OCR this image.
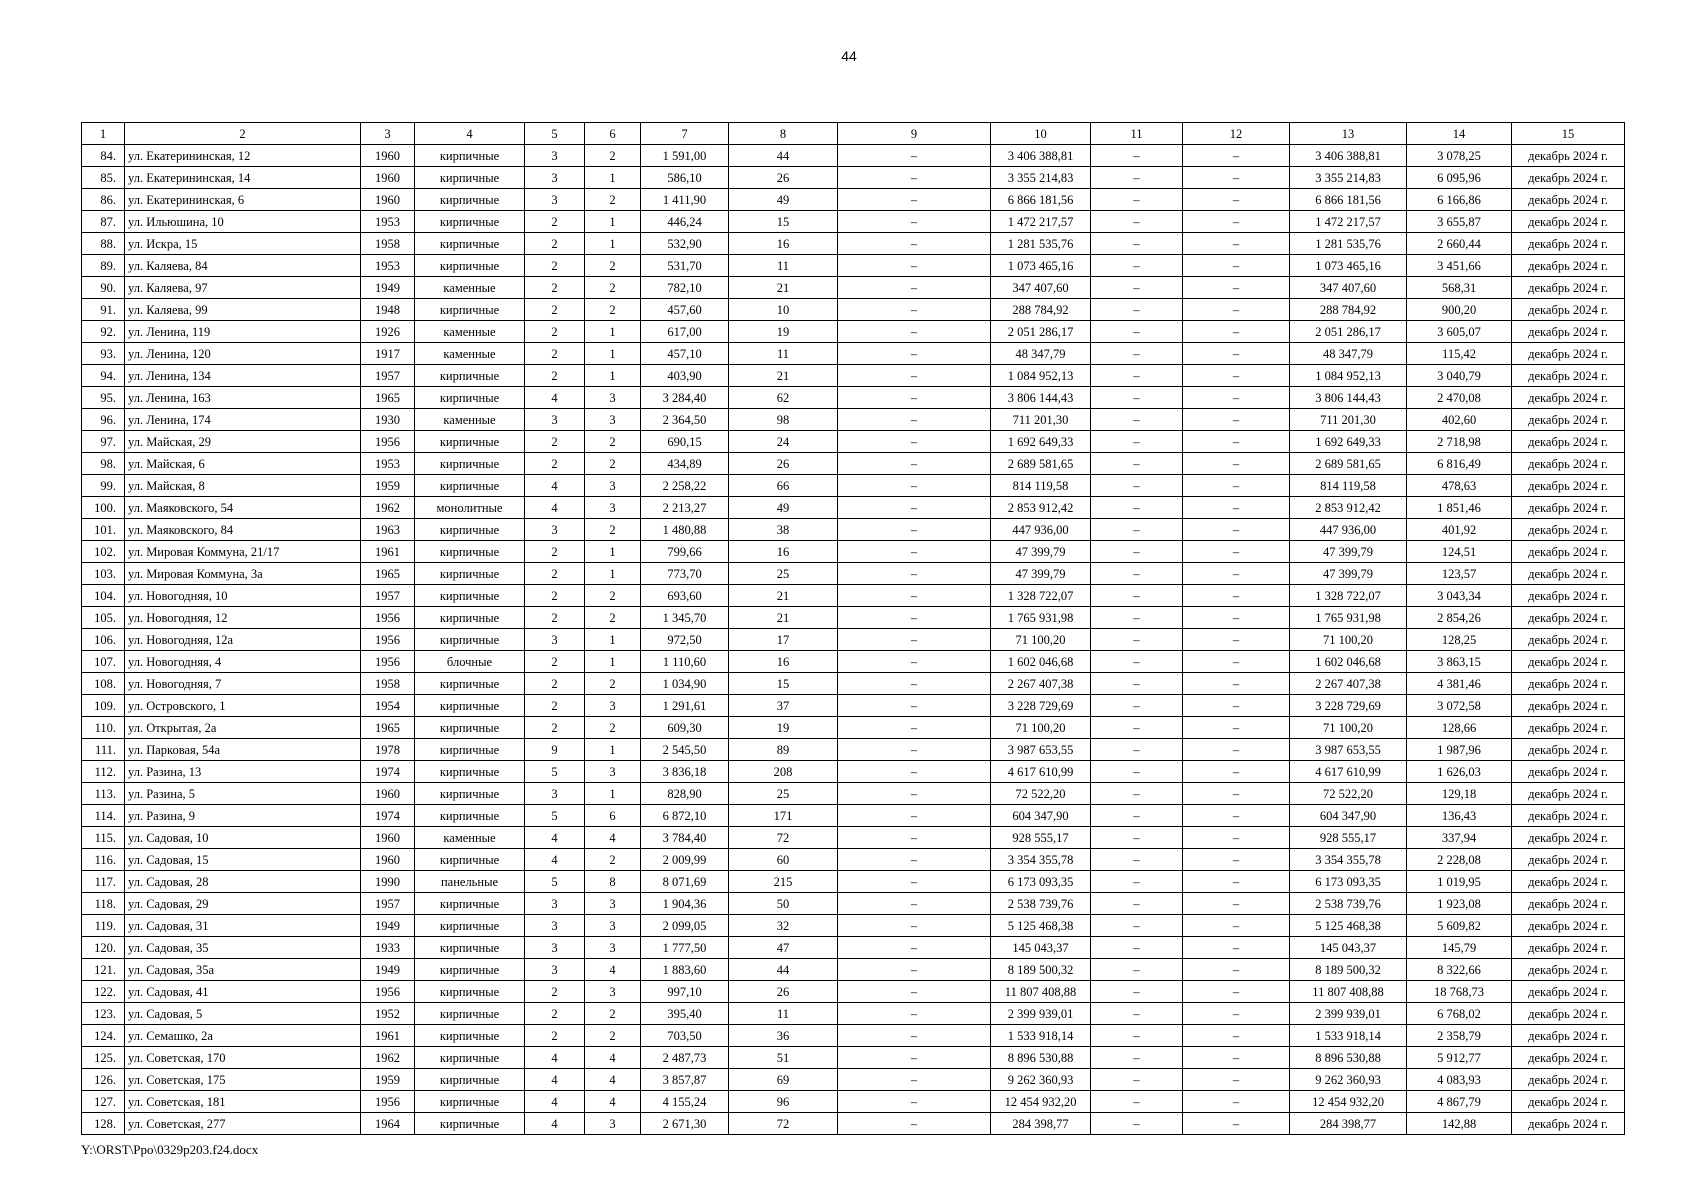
44
1	2	3	4	5	6	7	8	9	10	11	12	13	14	15
84.	ул. Екатерининская, 12	1960	кирпичные	3	2	1 591,00	44	–	3 406 388,81	–	–	3 406 388,81	3 078,25	декабрь 2024 г.
85.	ул. Екатерининская, 14	1960	кирпичные	3	1	586,10	26	–	3 355 214,83	–	–	3 355 214,83	6 095,96	декабрь 2024 г.
86.	ул. Екатерининская, 6	1960	кирпичные	3	2	1 411,90	49	–	6 866 181,56	–	–	6 866 181,56	6 166,86	декабрь 2024 г.
87.	ул. Ильюшина, 10	1953	кирпичные	2	1	446,24	15	–	1 472 217,57	–	–	1 472 217,57	3 655,87	декабрь 2024 г.
88.	ул. Искра, 15	1958	кирпичные	2	1	532,90	16	–	1 281 535,76	–	–	1 281 535,76	2 660,44	декабрь 2024 г.
89.	ул. Каляева, 84	1953	кирпичные	2	2	531,70	11	–	1 073 465,16	–	–	1 073 465,16	3 451,66	декабрь 2024 г.
90.	ул. Каляева, 97	1949	каменные	2	2	782,10	21	–	347 407,60	–	–	347 407,60	568,31	декабрь 2024 г.
91.	ул. Каляева, 99	1948	кирпичные	2	2	457,60	10	–	288 784,92	–	–	288 784,92	900,20	декабрь 2024 г.
92.	ул. Ленина, 119	1926	каменные	2	1	617,00	19	–	2 051 286,17	–	–	2 051 286,17	3 605,07	декабрь 2024 г.
93.	ул. Ленина, 120	1917	каменные	2	1	457,10	11	–	48 347,79	–	–	48 347,79	115,42	декабрь 2024 г.
94.	ул. Ленина, 134	1957	кирпичные	2	1	403,90	21	–	1 084 952,13	–	–	1 084 952,13	3 040,79	декабрь 2024 г.
95.	ул. Ленина, 163	1965	кирпичные	4	3	3 284,40	62	–	3 806 144,43	–	–	3 806 144,43	2 470,08	декабрь 2024 г.
96.	ул. Ленина, 174	1930	каменные	3	3	2 364,50	98	–	711 201,30	–	–	711 201,30	402,60	декабрь 2024 г.
97.	ул. Майская, 29	1956	кирпичные	2	2	690,15	24	–	1 692 649,33	–	–	1 692 649,33	2 718,98	декабрь 2024 г.
98.	ул. Майская, 6	1953	кирпичные	2	2	434,89	26	–	2 689 581,65	–	–	2 689 581,65	6 816,49	декабрь 2024 г.
99.	ул. Майская, 8	1959	кирпичные	4	3	2 258,22	66	–	814 119,58	–	–	814 119,58	478,63	декабрь 2024 г.
100.	ул. Маяковского, 54	1962	монолитные	4	3	2 213,27	49	–	2 853 912,42	–	–	2 853 912,42	1 851,46	декабрь 2024 г.
101.	ул. Маяковского, 84	1963	кирпичные	3	2	1 480,88	38	–	447 936,00	–	–	447 936,00	401,92	декабрь 2024 г.
102.	ул. Мировая Коммуна, 21/17	1961	кирпичные	2	1	799,66	16	–	47 399,79	–	–	47 399,79	124,51	декабрь 2024 г.
103.	ул. Мировая Коммуна, 3а	1965	кирпичные	2	1	773,70	25	–	47 399,79	–	–	47 399,79	123,57	декабрь 2024 г.
104.	ул. Новогодняя, 10	1957	кирпичные	2	2	693,60	21	–	1 328 722,07	–	–	1 328 722,07	3 043,34	декабрь 2024 г.
105.	ул. Новогодняя, 12	1956	кирпичные	2	2	1 345,70	21	–	1 765 931,98	–	–	1 765 931,98	2 854,26	декабрь 2024 г.
106.	ул. Новогодняя, 12а	1956	кирпичные	3	1	972,50	17	–	71 100,20	–	–	71 100,20	128,25	декабрь 2024 г.
107.	ул. Новогодняя, 4	1956	блочные	2	1	1 110,60	16	–	1 602 046,68	–	–	1 602 046,68	3 863,15	декабрь 2024 г.
108.	ул. Новогодняя, 7	1958	кирпичные	2	2	1 034,90	15	–	2 267 407,38	–	–	2 267 407,38	4 381,46	декабрь 2024 г.
109.	ул. Островского, 1	1954	кирпичные	2	3	1 291,61	37	–	3 228 729,69	–	–	3 228 729,69	3 072,58	декабрь 2024 г.
110.	ул. Открытая, 2а	1965	кирпичные	2	2	609,30	19	–	71 100,20	–	–	71 100,20	128,66	декабрь 2024 г.
111.	ул. Парковая, 54а	1978	кирпичные	9	1	2 545,50	89	–	3 987 653,55	–	–	3 987 653,55	1 987,96	декабрь 2024 г.
112.	ул. Разина, 13	1974	кирпичные	5	3	3 836,18	208	–	4 617 610,99	–	–	4 617 610,99	1 626,03	декабрь 2024 г.
113.	ул. Разина, 5	1960	кирпичные	3	1	828,90	25	–	72 522,20	–	–	72 522,20	129,18	декабрь 2024 г.
114.	ул. Разина, 9	1974	кирпичные	5	6	6 872,10	171	–	604 347,90	–	–	604 347,90	136,43	декабрь 2024 г.
115.	ул. Садовая, 10	1960	каменные	4	4	3 784,40	72	–	928 555,17	–	–	928 555,17	337,94	декабрь 2024 г.
116.	ул. Садовая, 15	1960	кирпичные	4	2	2 009,99	60	–	3 354 355,78	–	–	3 354 355,78	2 228,08	декабрь 2024 г.
117.	ул. Садовая, 28	1990	панельные	5	8	8 071,69	215	–	6 173 093,35	–	–	6 173 093,35	1 019,95	декабрь 2024 г.
118.	ул. Садовая, 29	1957	кирпичные	3	3	1 904,36	50	–	2 538 739,76	–	–	2 538 739,76	1 923,08	декабрь 2024 г.
119.	ул. Садовая, 31	1949	кирпичные	3	3	2 099,05	32	–	5 125 468,38	–	–	5 125 468,38	5 609,82	декабрь 2024 г.
120.	ул. Садовая, 35	1933	кирпичные	3	3	1 777,50	47	–	145 043,37	–	–	145 043,37	145,79	декабрь 2024 г.
121.	ул. Садовая, 35а	1949	кирпичные	3	4	1 883,60	44	–	8 189 500,32	–	–	8 189 500,32	8 322,66	декабрь 2024 г.
122.	ул. Садовая, 41	1956	кирпичные	2	3	997,10	26	–	11 807 408,88	–	–	11 807 408,88	18 768,73	декабрь 2024 г.
123.	ул. Садовая, 5	1952	кирпичные	2	2	395,40	11	–	2 399 939,01	–	–	2 399 939,01	6 768,02	декабрь 2024 г.
124.	ул. Семашко, 2а	1961	кирпичные	2	2	703,50	36	–	1 533 918,14	–	–	1 533 918,14	2 358,79	декабрь 2024 г.
125.	ул. Советская, 170	1962	кирпичные	4	4	2 487,73	51	–	8 896 530,88	–	–	8 896 530,88	5 912,77	декабрь 2024 г.
126.	ул. Советская, 175	1959	кирпичные	4	4	3 857,87	69	–	9 262 360,93	–	–	9 262 360,93	4 083,93	декабрь 2024 г.
127.	ул. Советская, 181	1956	кирпичные	4	4	4 155,24	96	–	12 454 932,20	–	–	12 454 932,20	4 867,79	декабрь 2024 г.
128.	ул. Советская, 277	1964	кирпичные	4	3	2 671,30	72	–	284 398,77	–	–	284 398,77	142,88	декабрь 2024 г.
Y:\ORST\Ppo\0329p203.f24.docx
